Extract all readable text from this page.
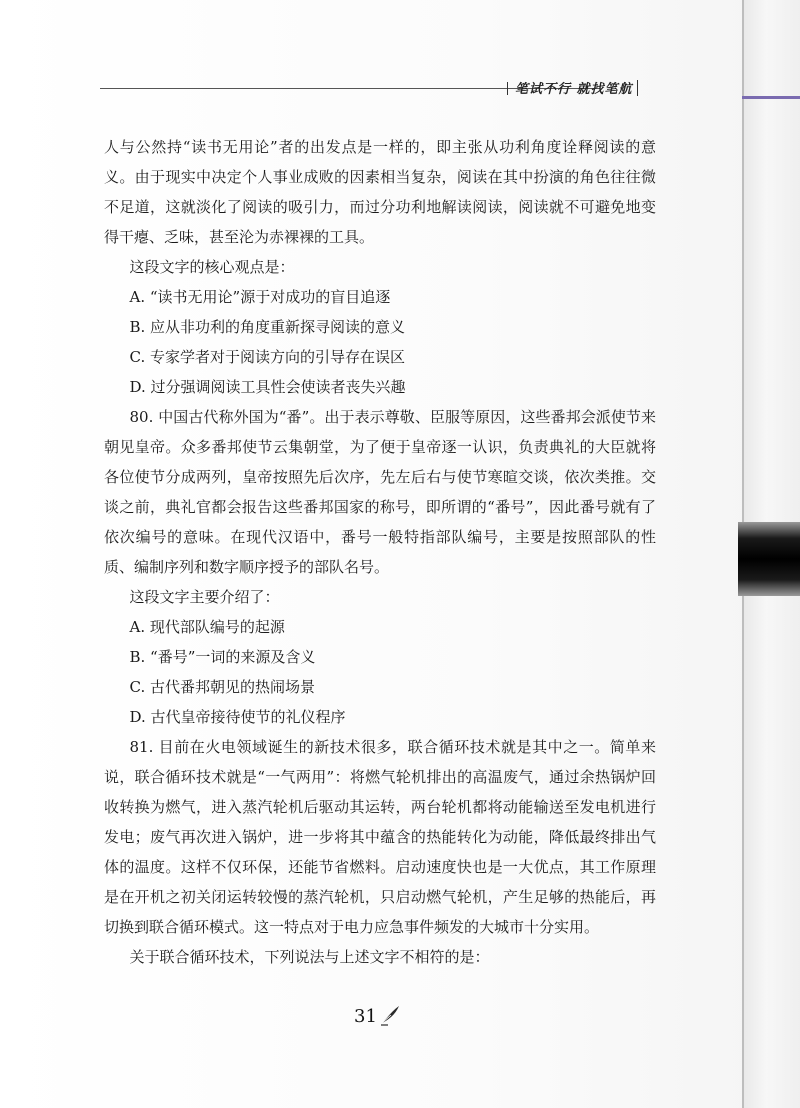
笔试不行 就找笔航

人与公然持“读书无用论”者的出发点是一样的，即主张从功利角度诠释阅读的意义。由于现实中决定个人事业成败的因素相当复杂，阅读在其中扮演的角色往往微不足道，这就淡化了阅读的吸引力，而过分功利地解读阅读，阅读就不可避免地变得干瘪、乏味，甚至沦为赤裸裸的工具。

这段文字的核心观点是：

A. “读书无用论”源于对成功的盲目追逐

B. 应从非功利的角度重新探寻阅读的意义

C. 专家学者对于阅读方向的引导存在误区

D. 过分强调阅读工具性会使读者丧失兴趣

80. 中国古代称外国为“番”。出于表示尊敬、臣服等原因，这些番邦会派使节来朝见皇帝。众多番邦使节云集朝堂，为了便于皇帝逐一认识，负责典礼的大臣就将各位使节分成两列，皇帝按照先后次序，先左后右与使节寒暄交谈，依次类推。交谈之前，典礼官都会报告这些番邦国家的称号，即所谓的“番号”，因此番号就有了依次编号的意味。在现代汉语中，番号一般特指部队编号，主要是按照部队的性质、编制序列和数字顺序授予的部队名号。

这段文字主要介绍了：

A. 现代部队编号的起源

B. “番号”一词的来源及含义

C. 古代番邦朝见的热闹场景

D. 古代皇帝接待使节的礼仪程序

81. 目前在火电领域诞生的新技术很多，联合循环技术就是其中之一。简单来说，联合循环技术就是“一气两用”：将燃气轮机排出的高温废气，通过余热锅炉回收转换为燃气，进入蒸汽轮机后驱动其运转，两台轮机都将动能输送至发电机进行发电；废气再次进入锅炉，进一步将其中蕴含的热能转化为动能，降低最终排出气体的温度。这样不仅环保，还能节省燃料。启动速度快也是一大优点，其工作原理是在开机之初关闭运转较慢的蒸汽轮机，只启动燃气轮机，产生足够的热能后，再切换到联合循环模式。这一特点对于电力应急事件频发的大城市十分实用。

关于联合循环技术，下列说法与上述文字不相符的是：

31
